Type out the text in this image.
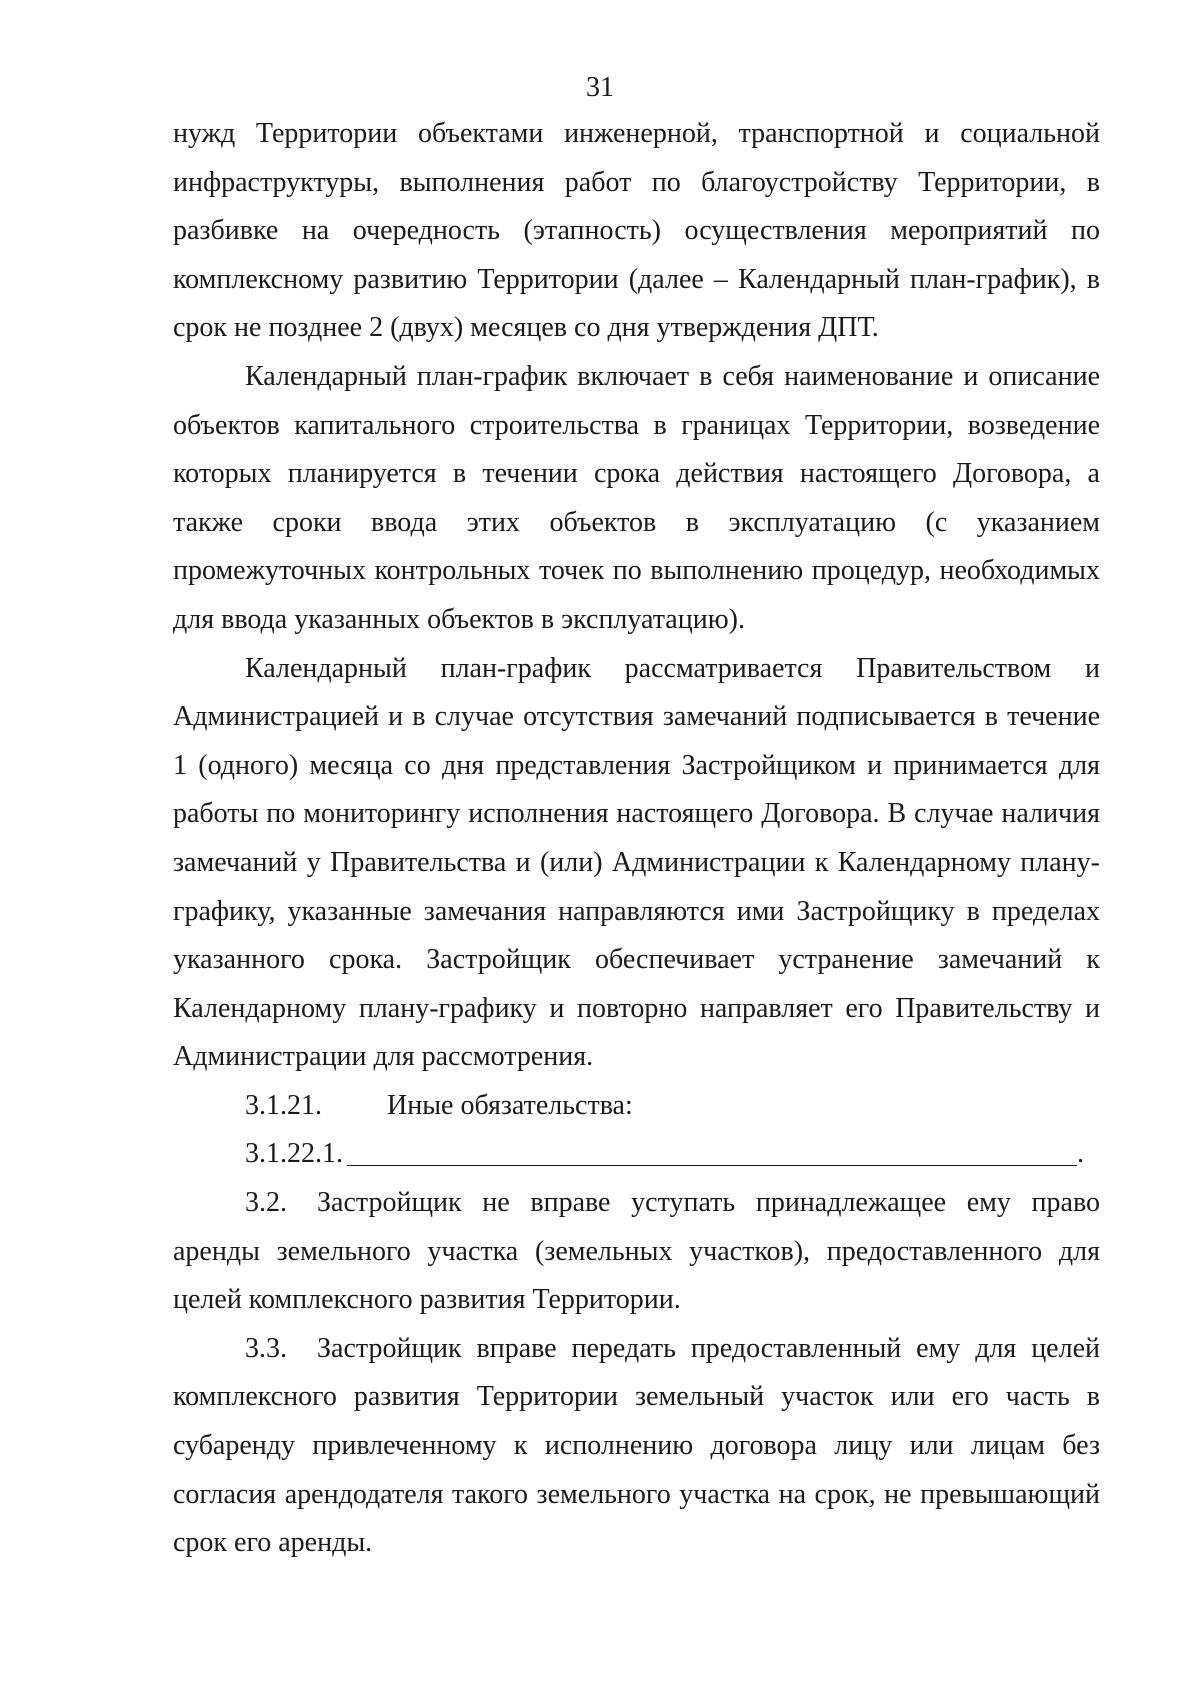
31

нужд Территории объектами инженерной, транспортной и социальной инфраструктуры, выполнения работ по благоустройству Территории, в разбивке на очередность (этапность) осуществления мероприятий по комплексному развитию Территории (далее – Календарный план-график), в срок не позднее 2 (двух) месяцев со дня утверждения ДПТ.

Календарный план-график включает в себя наименование и описание объектов капитального строительства в границах Территории, возведение которых планируется в течении срока действия настоящего Договора, а также сроки ввода этих объектов в эксплуатацию (с указанием промежуточных контрольных точек по выполнению процедур, необходимых для ввода указанных объектов в эксплуатацию).

Календарный план-график рассматривается Правительством и Администрацией и в случае отсутствия замечаний подписывается в течение 1 (одного) месяца со дня представления Застройщиком и принимается для работы по мониторингу исполнения настоящего Договора. В случае наличия замечаний у Правительства и (или) Администрации к Календарному плану-графику, указанные замечания направляются ими Застройщику в пределах указанного срока. Застройщик обеспечивает устранение замечаний к Календарному плану-графику и повторно направляет его Правительству и Администрации для рассмотрения.

3.1.21. Иные обязательства:

3.1.22.1.	.

3.2. Застройщик не вправе уступать принадлежащее ему право аренды земельного участка (земельных участков), предоставленного для целей комплексного развития Территории.

3.3. Застройщик вправе передать предоставленный ему для целей комплексного развития Территории земельный участок или его часть в субаренду привлеченному к исполнению договора лицу или лицам без согласия арендодателя такого земельного участка на срок, не превышающий срок его аренды.
